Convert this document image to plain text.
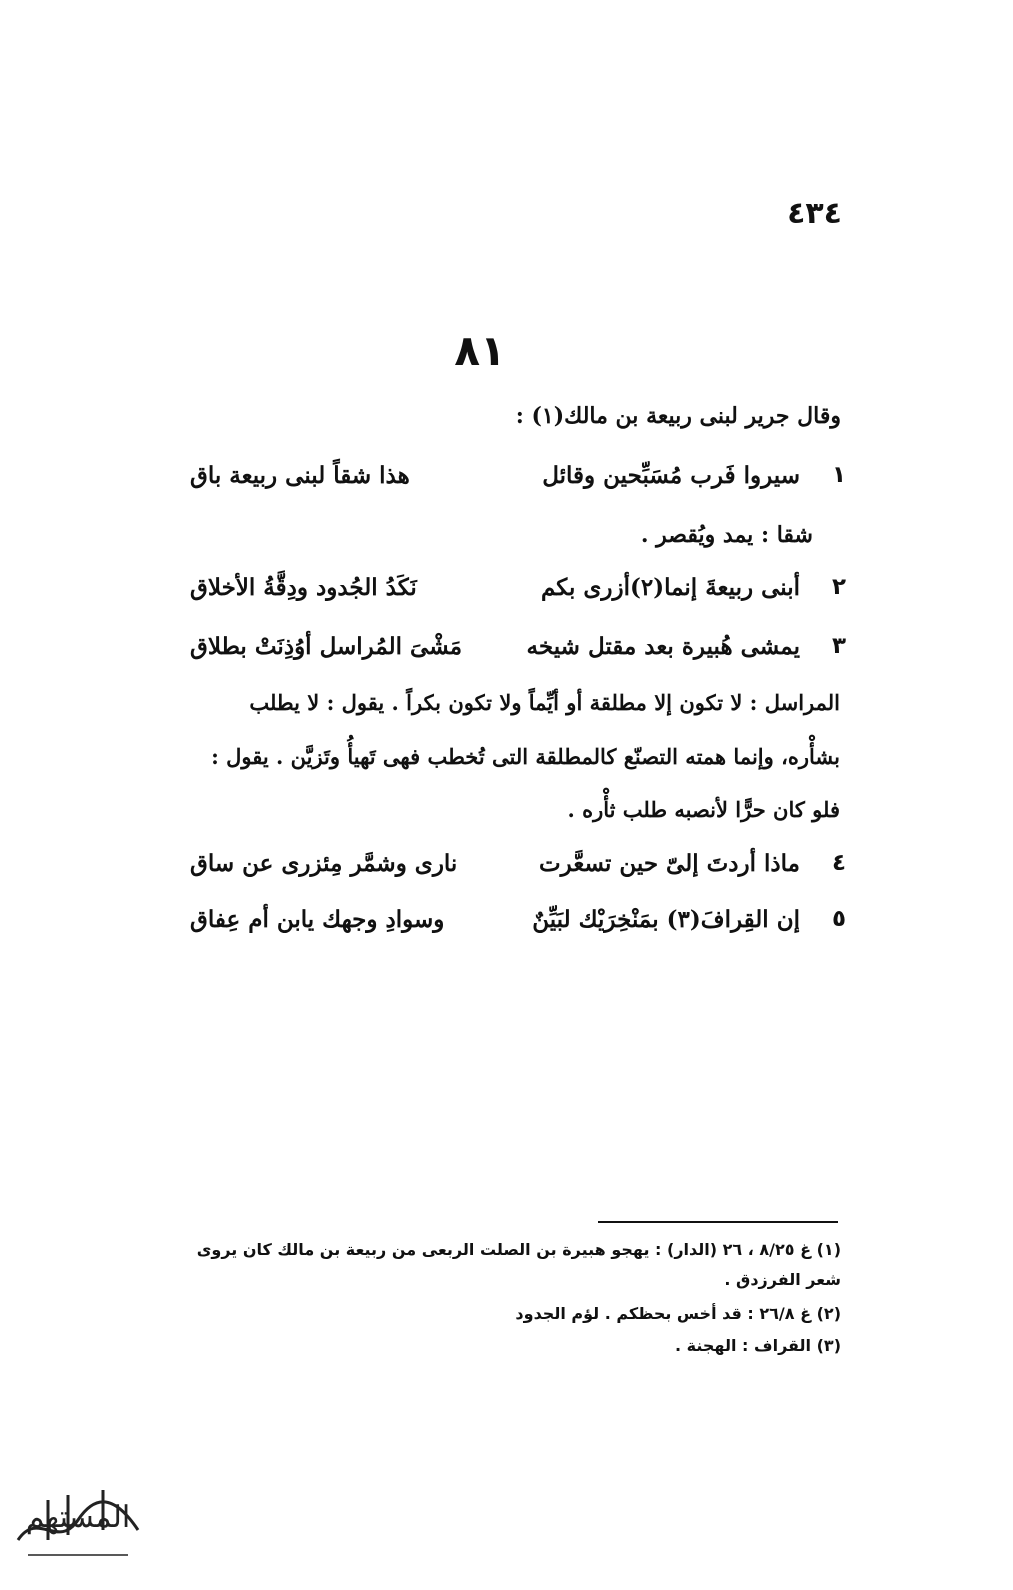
٤٣٤
٨١
وقال جرير لبنى ربيعة بن مالك(١) :
١
سيروا فَرب مُسَبِّحين وقائل
هذا شقاً لبنى ربيعة باق
شقا : يمد ويُقصر .
٢
أبنى ربيعةَ إنما(٢)أزرى بكم
نَكَدُ الجُدود ودِقَّةُ الأخلاق
٣
يمشى هُبيرة بعد مقتل شيخه
مَشْىَ المُراسل أوُذِنَتْ بطلاق
المراسل : لا تكون إلا مطلقة أو أيِّماً ولا تكون بكراً . يقول : لا يطلب
بشأْره، وإنما همته التصنّع كالمطلقة التى تُخطب فهى تَهيأُ وتَزيَّن . يقول :
فلو كان حرًّا لأنصبه طلب ثأْره .
٤
ماذا أردتَ إلىّ حين تسعَّرت
نارى وشمَّر مِئزرى عن ساق
٥
إن القِرافَ(٣) بمَنْخِرَيْك لبَيِّنٌ
وسوادِ وجهك يابن أم عِفاق
(١) غ ٨/٢٥ ، ٢٦ (الدار) : يهجو هبيرة بن الصلت الربعى من ربيعة بن مالك كان يروى
شعر الفرزدق .
(٢) غ ٢٦/٨ : قد أخس بحظكم . لؤم الجدود
(٣) القراف : الهجنة .
المستهم
